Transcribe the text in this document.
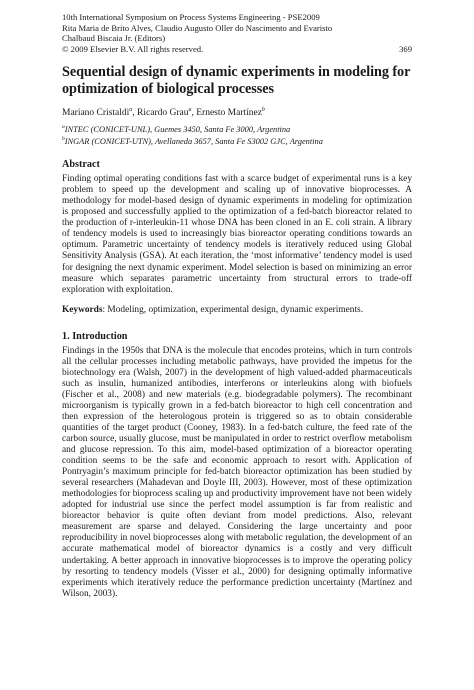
10th International Symposium on Process Systems Engineering - PSE2009
Rita Maria de Brito Alves, Claudio Augusto Oller do Nascimento and Evaristo
Chalbaud Biscaia Jr. (Editors)
© 2009 Elsevier B.V. All rights reserved.	369
Sequential design of dynamic experiments in modeling for optimization of biological processes
Mariano Cristaldi$^a$, Ricardo Grau$^a$, Ernesto Martínez$^b$
$^a$INTEC (CONICET-UNL), Guemes 3450, Santa Fe 3000, Argentina
$^b$INGAR (CONICET-UTN), Avellaneda 3657, Santa Fe S3002 GJC, Argentina
Abstract

Finding optimal operating conditions fast with a scarce budget of experimental runs is a key problem to speed up the development and scaling up of innovative bioprocesses. A methodology for model-based design of dynamic experiments in modeling for optimization is proposed and successfully applied to the optimization of a fed-batch bioreactor related to the production of r-interleukin-11 whose DNA has been cloned in an E. coli strain. A library of tendency models is used to increasingly bias bioreactor operating conditions towards an optimum. Parametric uncertainty of tendency models is iteratively reduced using Global Sensitivity Analysis (GSA). At each iteration, the ‘most informative’ tendency model is used for designing the next dynamic experiment. Model selection is based on minimizing an error measure which separates parametric uncertainty from structural errors to trade-off exploration with exploitation.

Keywords: Modeling, optimization, experimental design, dynamic experiments.
1. Introduction

Findings in the 1950s that DNA is the molecule that encodes proteins, which in turn controls all the cellular processes including metabolic pathways, have provided the impetus for the biotechnology era (Walsh, 2007) in the development of high valued-added pharmaceuticals such as insulin, humanized antibodies, interferons or interleukins along with biofuels (Fischer et al., 2008) and new materials (e.g. biodegradable polymers). The recombinant microorganism is typically grown in a fed-batch bioreactor to high cell concentration and then expression of the heterologous protein is triggered so as to obtain considerable quantities of the target product (Cooney, 1983). In a fed-batch culture, the feed rate of the carbon source, usually glucose, must be manipulated in order to restrict overflow metabolism and glucose repression. To this aim, model-based optimization of a bioreactor operating condition seems to be the safe and economic approach to resort with. Application of Pontryagin’s maximum principle for fed-batch bioreactor optimization has been studied by several researchers (Mahadevan and Doyle III, 2003). However, most of these optimization methodologies for bioprocess scaling up and productivity improvement have not been widely adopted for industrial use since the perfect model assumption is far from realistic and bioreactor behavior is quite often deviant from model predictions. Also, relevant measurement are sparse and delayed. Considering the large uncertainty and poor reproducibility in novel bioprocesses along with metabolic regulation, the development of an accurate mathematical model of bioreactor dynamics is a costly and very difficult undertaking. A better approach in innovative bioprocesses is to improve the operating policy by resorting to tendency models (Visser et al., 2000) for designing optimally informative experiments which iteratively reduce the performance prediction uncertainty (Martínez and Wilson, 2003).
